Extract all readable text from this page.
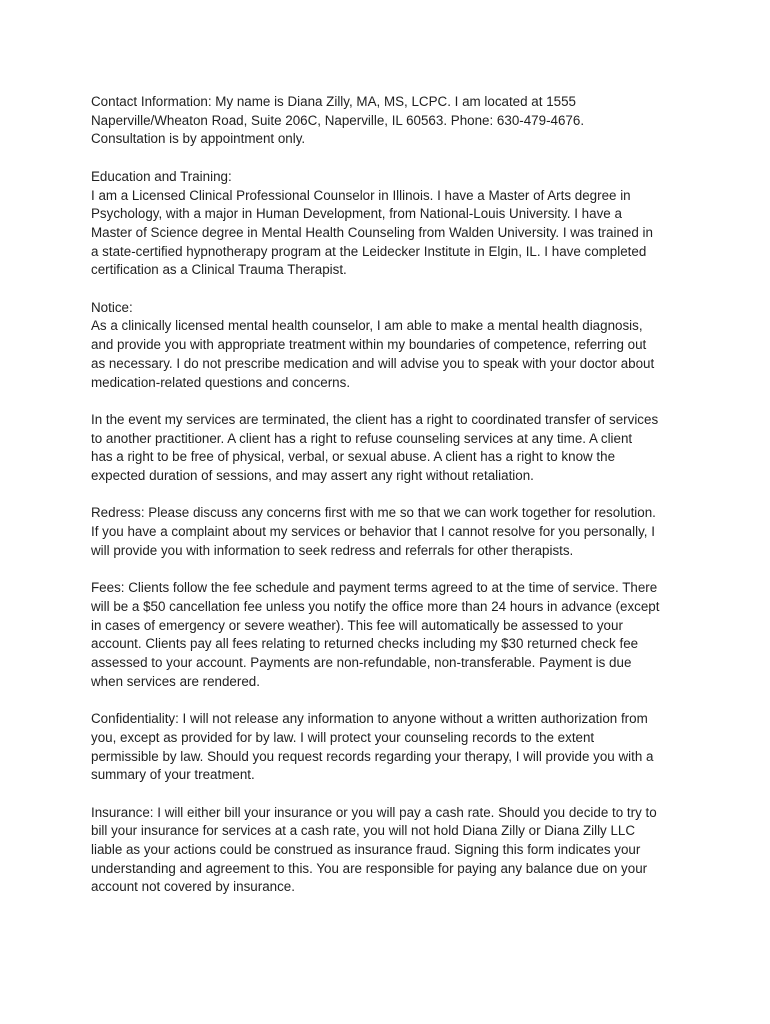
Contact Information: My name is Diana Zilly, MA, MS, LCPC. I am located at 1555
Naperville/Wheaton Road, Suite 206C, Naperville, IL 60563. Phone: 630-479-4676.
Consultation is by appointment only.

Education and Training:
I am a Licensed Clinical Professional Counselor in Illinois. I have a Master of Arts degree in
Psychology, with a major in Human Development, from National-Louis University. I have a
Master of Science degree in Mental Health Counseling from Walden University. I was trained in
a state-certified hypnotherapy program at the Leidecker Institute in Elgin, IL. I have completed
certification as a Clinical Trauma Therapist.

Notice:
As a clinically licensed mental health counselor, I am able to make a mental health diagnosis,
and provide you with appropriate treatment within my boundaries of competence, referring out
as necessary. I do not prescribe medication and will advise you to speak with your doctor about
medication-related questions and concerns.

In the event my services are terminated, the client has a right to coordinated transfer of services
to another practitioner. A client has a right to refuse counseling services at any time. A client
has a right to be free of physical, verbal, or sexual abuse. A client has a right to know the
expected duration of sessions, and may assert any right without retaliation.

Redress: Please discuss any concerns first with me so that we can work together for resolution.
If you have a complaint about my services or behavior that I cannot resolve for you personally, I
will provide you with information to seek redress and referrals for other therapists.

Fees: Clients follow the fee schedule and payment terms agreed to at the time of service. There
will be a $50 cancellation fee unless you notify the office more than 24 hours in advance (except
in cases of emergency or severe weather). This fee will automatically be assessed to your
account. Clients pay all fees relating to returned checks including my $30 returned check fee
assessed to your account. Payments are non-refundable, non-transferable. Payment is due
when services are rendered.

Confidentiality: I will not release any information to anyone without a written authorization from
you, except as provided for by law. I will protect your counseling records to the extent
permissible by law. Should you request records regarding your therapy, I will provide you with a
summary of your treatment.

Insurance: I will either bill your insurance or you will pay a cash rate. Should you decide to try to
bill your insurance for services at a cash rate, you will not hold Diana Zilly or Diana Zilly LLC
liable as your actions could be construed as insurance fraud. Signing this form indicates your
understanding and agreement to this. You are responsible for paying any balance due on your
account not covered by insurance.
